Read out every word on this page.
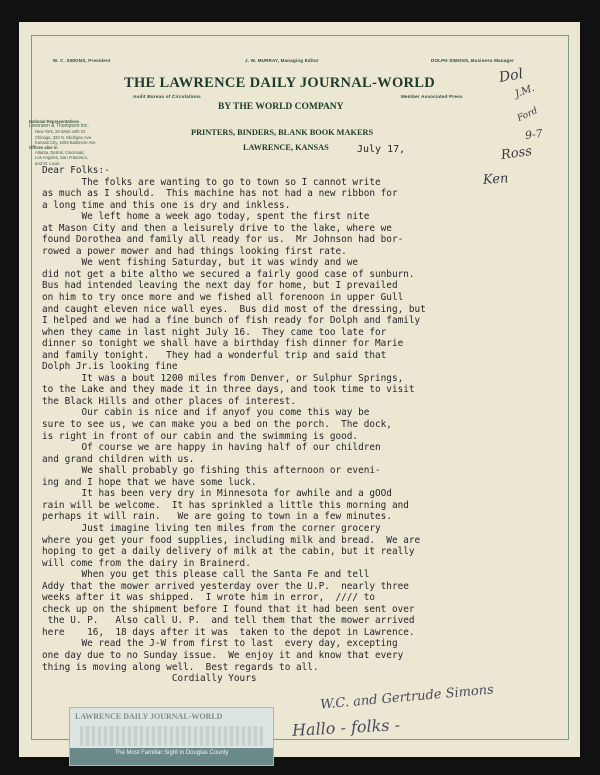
W. C. SIMONS, President	J. W. MURRAY, Managing Editor	DOLPH SIMONS, Business Manager
THE LAWRENCE DAILY JOURNAL-WORLD
Audit Bureau of Circulations	Member Associated Press
BY THE WORLD COMPANY
PRINTERS, BINDERS, BLANK BOOK MAKERS
LAWRENCE, KANSAS
National Representatives
Lorenzen & Thompson Inc.
New York, 28 West 44th St.
Chicago, 333 N. Michigan Ave.
Kansas City, 1004 Baltimore Ave.
Offices also in
Atlanta, Detroit, Cincinnati,
Los Angeles, San Francisco,
and St. Louis
July 17,
Dol
J.M.
Ford
9-7
Ross
Ken
Dear Folks:-
The folks are wanting to go to town so I cannot write
as much as I should.  This machine has not had a new ribbon for
a long time and this one is dry and inkless.
We left home a week ago today, spent the first nite
at Mason City and then a leisurely drive to the lake, where we
found Dorothea and family all ready for us.  Mr Johnson had bor-
rowed a power mower and had things looking first rate.
We went fishing Saturday, but it was windy and we
did not get a bite altho we secured a fairly good case of sunburn.
Bus had intended leaving the next day for home, but I prevailed
on him to try once more and we fished all forenoon in upper Gull
and caught eleven nice wall eyes.  Bus did most of the dressing, but
I helped and we had a fine bunch of fish ready for Dolph and family
when they came in last night July 16.  They came too late for
dinner so tonight we shall have a birthday fish dinner for Marie
and family tonight.   They had a wonderful trip and said that
Dolph Jr.is looking fine
It was a bout 1200 miles from Denver, or Sulphur Springs,
to the Lake and they made it in three days, and took time to visit
the Black Hills and other places of interest.
Our cabin is nice and if anyof you come this way be
sure to see us, we can make you a bed on the porch.  The dock,
is right in front of our cabin and the swimming is good.
Of course we are happy in having half of our children
and grand children with us.
We shall probably go fishing this afternoon or eveni-
ing and I hope that we have some luck.
It has been very dry in Minnesota for awhile and a gOOd
rain will be welcome.  It has sprinkled a little this morning and
perhaps it will rain.   We are going to town in a few minutes.
Just imagine living ten miles from the corner grocery
where you get your food supplies, including milk and bread.  We are
hoping to get a daily delivery of milk at the cabin, but it really
will come from the dairy in Brainerd.
When you get this please call the Santa Fe and tell
Addy that the mower arrived yesterday over the U.P.  nearly three
weeks after it was shipped.  I wrote him in error,  //// to
check up on the shipment before I found that it had been sent over
the U. P.   Also call U. P.  and tell them that the mower arrived
here    16,  18 days after it was  taken to the depot in Lawrence.
We read the J-W from first to last  every day, excepting
one day due to no Sunday issue.  We enjoy it and know that every
thing is moving along well.  Best regards to all.
Cordially Yours
LAWRENCE DAILY JOURNAL-WORLD
The Most Familiar Sight in Douglas County
W.C. and Gertrude Simons
Hallo - folks -
